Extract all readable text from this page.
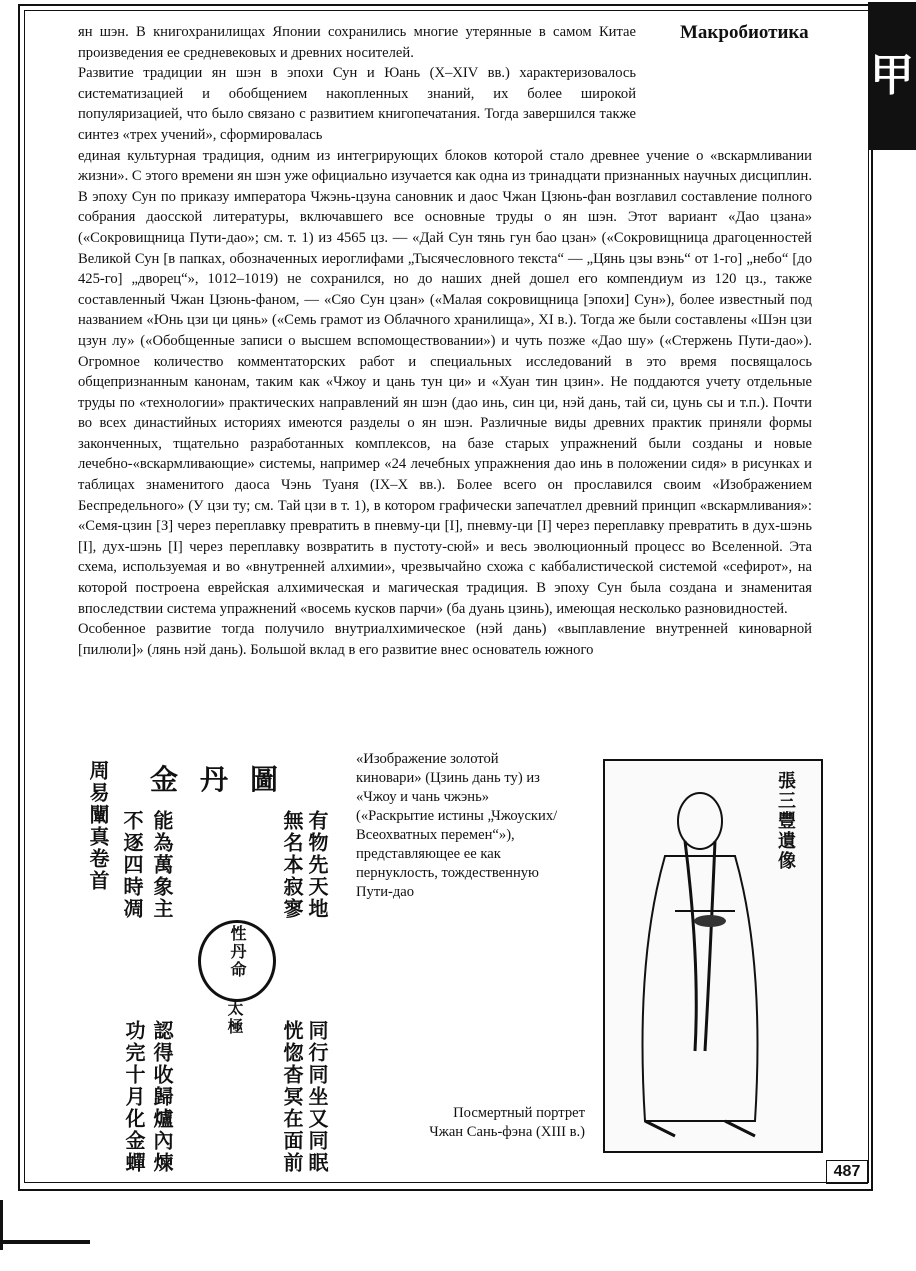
甲
Макробиотика

ян шэн. В книгохранилищах Японии сохранились многие утерянные в самом Китае произведения ее средневековых и древних носителей.

Развитие традиции ян шэн в эпохи Сун и Юань (X–XIV вв.) характеризовалось систематизацией и обобщением накопленных знаний, их более широкой популяризацией, что было связано с развитием книгопечатания. Тогда завершился также синтез «трех учений», сформировалась

единая культурная традиция, одним из интегрирующих блоков которой стало древнее учение о «вскармливании жизни». С этого времени ян шэн уже официально изучается как одна из тринадцати признанных научных дисциплин. В эпоху Сун по приказу императора Чжэнь-цзуна сановник и даос Чжан Цзюнь-фан возглавил составление полного собрания даосской литературы, включавшего все основные труды о ян шэн. Этот вариант «Дао цзана» («Сокровищница Пути-дао»; см. т. 1) из 4565 цз. — «Дай Сун тянь гун бао цзан» («Сокровищница драгоценностей Великой Сун [в папках, обозначенных иероглифами „Тысячесловного текста“ — „Цянь цзы вэнь“ от 1-го] „небо“ [до 425-го] „дворец“», 1012–1019) не сохранился, но до наших дней дошел его компендиум из 120 цз., также составленный Чжан Цзюнь-фаном, — «Сяо Сун цзан» («Малая сокровищница [эпохи] Сун»), более известный под названием «Юнь цзи ци цянь» («Семь грамот из Облачного хранилища», XI в.). Тогда же были составлены «Шэн цзи цзун лу» («Обобщенные записи о высшем вспомоществовании») и чуть позже «Дао шу» («Стержень Пути-дао»). Огромное количество комментаторских работ и специальных исследований в это время посвящалось общепризнанным канонам, таким как «Чжоу и цань тун ци» и «Хуан тин цзин». Не поддаются учету отдельные труды по «технологии» практических направлений ян шэн (дао инь, син ци, нэй дань, тай си, цунь сы и т.п.). Почти во всех династийных историях имеются разделы о ян шэн. Различные виды древних практик приняли формы законченных, тщательно разработанных комплексов, на базе старых упражнений были созданы и новые лечебно-«вскармливающие» системы, например «24 лечебных упражнения дао инь в положении сидя» в рисунках и таблицах знаменитого даоса Чэнь Туаня (IX–X вв.). Более всего он прославился своим «Изображением Беспредельного» (У цзи ту; см. Тай цзи в т. 1), в котором графически запечатлел древний принцип «вскармливания»: «Семя-цзин [З] через переплавку превратить в пневму-ци [I], пневму-ци [I] через переплавку превратить в дух-шэнь [I], дух-шэнь [I] через переплавку возвратить в пустоту-сюй» и весь эволюционный процесс во Вселенной. Эта схема, используемая и во «внутренней алхимии», чрезвычайно схожа с каббалистической системой «сефирот», на которой построена еврейская алхимическая и магическая традиция. В эпоху Сун была создана и знаменитая впоследствии система упражнений «восемь кусков парчи» (ба дуань цзинь), имеющая несколько разновидностей.

Особенное развитие тогда получило внутриалхимическое (нэй дань) «выплавление внутренней киноварной [пилюли]» (лянь нэй дань). Большой вклад в его развитие внес основатель южного

周易闡真卷首 金丹圖
不逐四時凋 能為萬象主	有物先天地
無名本寂寥
性丹命
太極
功完十月化金蟬 認得收歸爐內煉	同行同坐又同眠
恍惚杳冥在面前
«Изображение золотой киновари» (Цзинь дань ту) из «Чжоу и чань чжэнь» («Раскрытие истины „Чжоуских/ Всеохватных перемен“»), представляющее ее как пернуклость, тождественную Пути-дао
張三豐遺像
Посмертный портрет Чжан Сань-фэна (XIII в.)
487
